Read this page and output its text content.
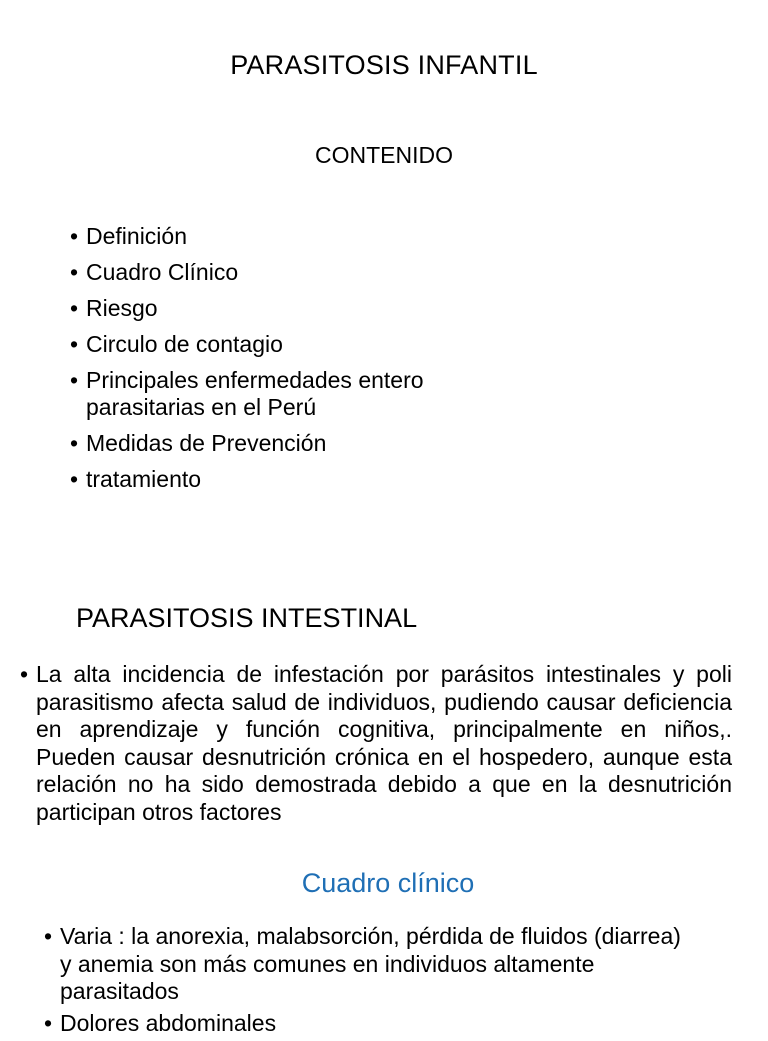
PARASITOSIS INFANTIL
CONTENIDO
• Definición
• Cuadro Clínico
• Riesgo
• Circulo de contagio
• Principales enfermedades entero parasitarias en el Perú
• Medidas de Prevención
• tratamiento
PARASITOSIS INTESTINAL
• La alta incidencia de infestación por parásitos intestinales y poli parasitismo afecta salud de individuos, pudiendo causar deficiencia en aprendizaje y función cognitiva, principalmente en niños,. Pueden causar desnutrición crónica en el hospedero, aunque esta relación no ha sido demostrada debido a que en la desnutrición participan otros factores
Cuadro clínico
• Varia : la anorexia, malabsorción, pérdida de fluidos (diarrea) y anemia son más comunes en individuos altamente parasitados
• Dolores abdominales
